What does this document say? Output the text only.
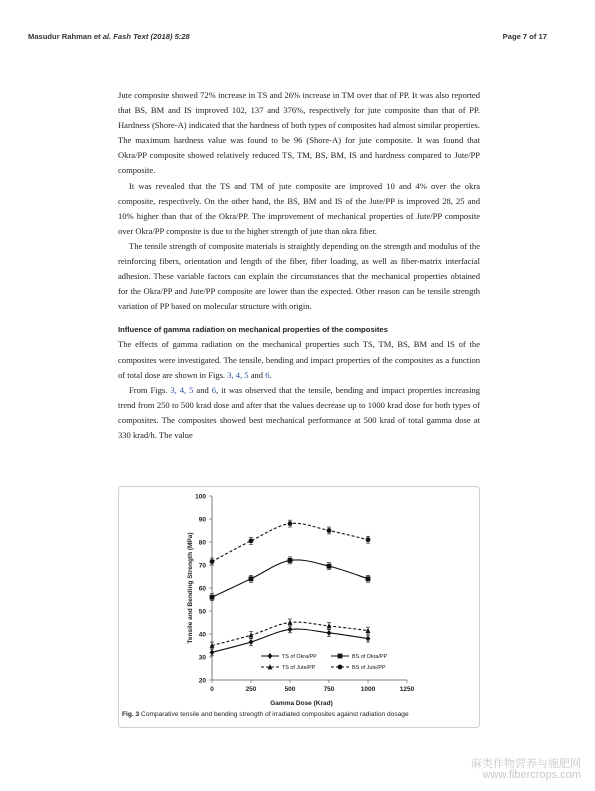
Masudur Rahman et al. Fash Text (2018) 5:28	Page 7 of 17

Jute composite showed 72% increase in TS and 26% increase in TM over that of PP. It was also reported that BS, BM and IS improved 102, 137 and 376%, respectively for jute composite than that of PP. Hardness (Shore-A) indicated that the hardness of both types of composites had almost similar properties. The maximum hardness value was found to be 96 (Shore-A) for jute composite. It was found that Okra/PP composite showed relatively reduced TS, TM, BS, BM, IS and hardness compared to Jute/PP composite.

It was revealed that the TS and TM of jute composite are improved 10 and 4% over the okra composite, respectively. On the other hand, the BS, BM and IS of the Jute/PP is improved 28, 25 and 10% higher than that of the Okra/PP. The improvement of mechanical properties of Jute/PP composite over Okra/PP composite is due to the higher strength of jute than okra fiber.

The tensile strength of composite materials is straightly depending on the strength and modulus of the reinforcing fibers, orientation and length of the fiber, fiber loading, as well as fiber-matrix interfacial adhesion. These variable factors can explain the circumstances that the mechanical properties obtained for the Okra/PP and Jute/PP composite are lower than the expected. Other reason can be tensile strength variation of PP based on molecular structure with origin.

Influence of gamma radiation on mechanical properties of the composites

The effects of gamma radiation on the mechanical properties such TS, TM, BS, BM and IS of the composites were investigated. The tensile, bending and impact properties of the composites as a function of total dose are shown in Figs. 3, 4, 5 and 6.

From Figs. 3, 4, 5 and 6, it was observed that the tensile, bending and impact properties increasing trend from 250 to 500 krad dose and after that the values decrease up to 1000 krad dose for both types of composites. The composites showed best mechanical performance at 500 krad of total gamma dose at 330 krad/h. The value

20
30
40
50
60
70
80
90
100
0	250	500	750	1000	1250
Gamma Dose (Krad)
Tensile and Bending Strength (MPa)
TS of Okra/PP	BS of Okra/PP
TS of Jute/PP	BS of Jute/PP
Fig. 3 Comparative tensile and bending strength of irradiated composites against radiation dosage
麻类作物营养与施肥网
www.fibercrops.com
